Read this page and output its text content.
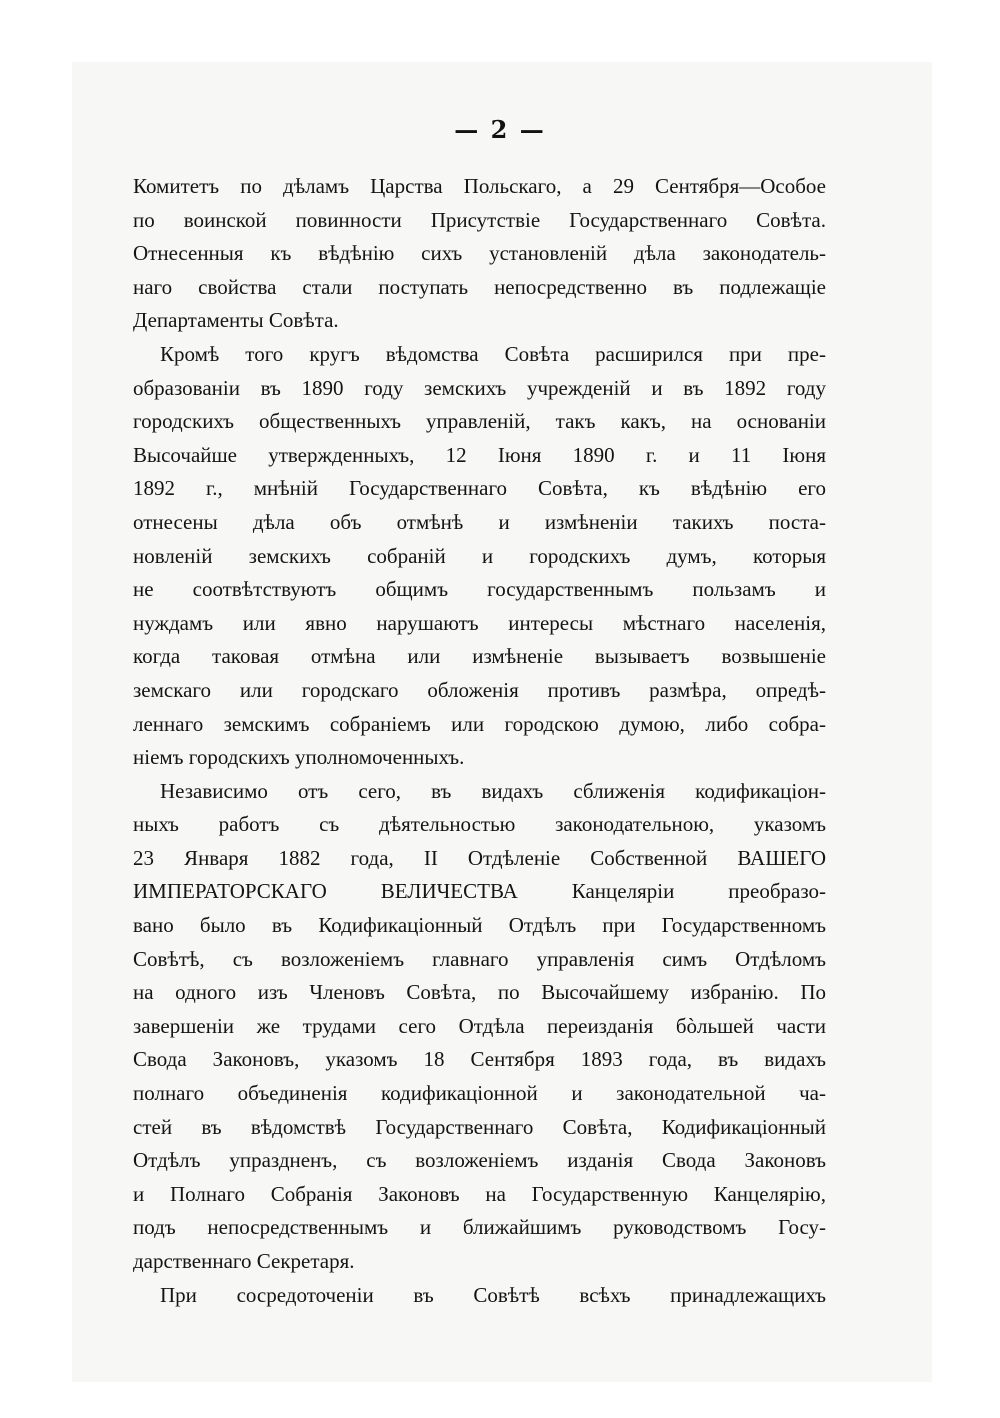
— 2 —
Комитетъ по дѣламъ Царства Польскаго, а 29 Сентября—Особое
по воинской повинности Присутствіе Государственнаго Совѣта.
Отнесенныя къ вѣдѣнію сихъ установленій дѣла законодатель-
наго свойства стали поступать непосредственно въ подлежащіе
Департаменты Совѣта.
Кромѣ того кругъ вѣдомства Совѣта расширился при пре-
образованіи въ 1890 году земскихъ учрежденій и въ 1892 году
городскихъ общественныхъ управленій, такъ какъ, на основаніи
Высочайше утвержденныхъ, 12 Іюня 1890 г. и 11 Іюня
1892 г., мнѣній Государственнаго Совѣта, къ вѣдѣнію его
отнесены дѣла объ отмѣнѣ и измѣненіи такихъ поста-
новленій земскихъ собраній и городскихъ думъ, которыя
не соотвѣтствуютъ общимъ государственнымъ пользамъ и
нуждамъ или явно нарушаютъ интересы мѣстнаго населенія,
когда таковая отмѣна или измѣненіе вызываетъ возвышеніе
земскаго или городскаго обложенія противъ размѣра, опредѣ-
леннаго земскимъ собраніемъ или городскою думою, либо собра-
ніемъ городскихъ уполномоченныхъ.
Независимо отъ сего, въ видахъ сближенія кодификаціон-
ныхъ работъ съ дѣятельностью законодательною, указомъ
23 Января 1882 года, II Отдѣленіе Собственной ВАШЕГО
ИМПЕРАТОРСКАГО ВЕЛИЧЕСТВА Канцеляріи преобразо-
вано было въ Кодификаціонный Отдѣлъ при Государственномъ
Совѣтѣ, съ возложеніемъ главнаго управленія симъ Отдѣломъ
на одного изъ Членовъ Совѣта, по Высочайшему избранію. По
завершеніи же трудами сего Отдѣла переизданія бòльшей части
Свода Законовъ, указомъ 18 Сентября 1893 года, въ видахъ
полнаго объединенія кодификаціонной и законодательной ча-
стей въ вѣдомствѣ Государственнаго Совѣта, Кодификаціонный
Отдѣлъ упраздненъ, съ возложеніемъ изданія Свода Законовъ
и Полнаго Собранія Законовъ на Государственную Канцелярію,
подъ непосредственнымъ и ближайшимъ руководствомъ Госу-
дарственнаго Секретаря.
При сосредоточеніи въ Совѣтѣ всѣхъ принадлежащихъ
